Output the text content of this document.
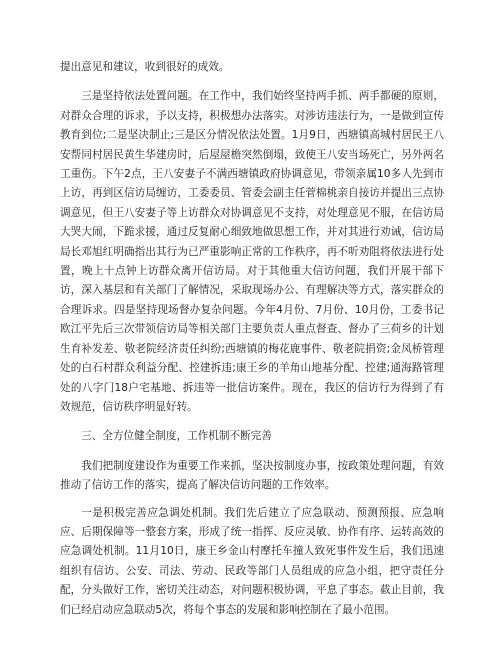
提出意见和建议，收到很好的成效。

三是坚持依法处置问题。在工作中，我们始终坚持两手抓、两手都硬的原则，对群众合理的诉求，予以支持，积极想办法落实。对涉访违法行为，一是做到宣传教育到位;二是坚决制止;三是区分情况依法处置。1月9日，西塘镇高城村居民王八安帮同村居民黄生华建房时，后屋屋檐突然倒塌，致使王八安当场死亡，另外两名工重伤。下午2点，王八安妻子不满西塘镇政府协调意见，带领亲属10多人先到市上访，再到区信访局缠访，工委委员、管委会副主任菅棉桃亲自接访并提出三点协调意见，但王八安妻子等上访群众对协调意见不支持，对处理意见不服，在信访局大哭大闹，下跪求援，通过反复耐心细致地做思想工作，并对其进行劝诫，信访局局长邓旭红明确指出其行为已严重影响正常的工作秩序，再不听劝阻将依法进行处置，晚上十点钟上访群众离开信访局。对于其他重大信访问题，我们开展干部下访，深入基层和有关部门了解情况，采取现场办公、有理解决等方式，落实群众的合理诉求。四是坚持现场督办复杂问题。今年4月份、7月份、10月份，工委书记欧江平先后三次带领信访局等相关部门主要负责人重点督查、督办了三荷乡的计划生育补发差、敬老院经济责任纠纷;西塘镇的梅花鹿事件、敬老院捐资;金凤桥管理处的白石村群众利益分配、控建拆违;康王乡的羊角山地基分配、控建;通海路管理处的八字门18户宅基地、拆违等一批信访案件。现在，我区的信访行为得到了有效规范，信访秩序明显好转。

三、全方位健全制度，工作机制不断完善

我们把制度建设作为重要工作来抓，坚决按制度办事，按政策处理问题，有效推动了信访工作的落实，提高了解决信访问题的工作效率。

一是积极完善应急调处机制。我们先后建立了应急联动、预测预报、应急响应、后期保障等一整套方案，形成了统一指挥、反应灵敏、协作有序、运转高效的应急调处机制。11月10日，康王乡金山村摩托车撞人致死事件发生后，我们迅速组织有信访、公安、司法、劳动、民政等部门人员组成的应急小组，把守责任分配，分头做好工作，密切关注动态，对问题积极协调，平息了事态。截止目前，我们已经启动应急联动5次，将每个事态的发展和影响控制在了最小范围。
